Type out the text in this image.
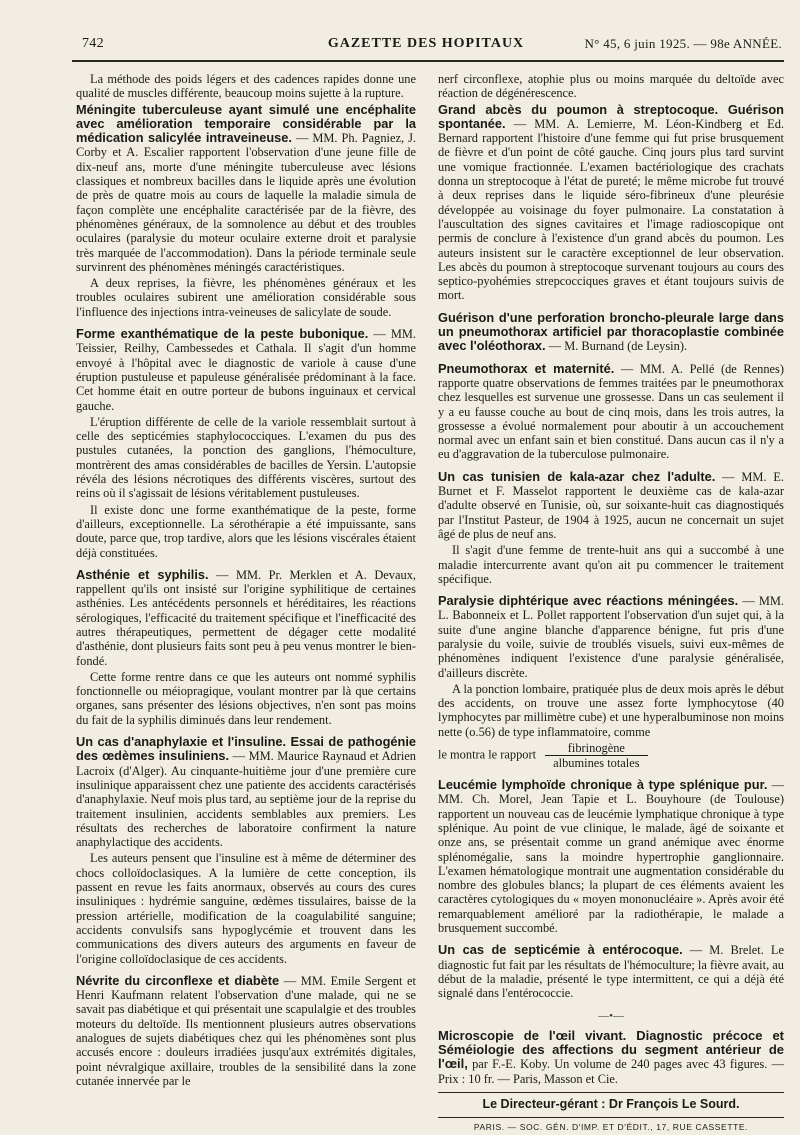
742	GAZETTE DES HOPITAUX	N° 45, 6 juin 1925. — 98e ANNÉE.

La méthode des poids légers et des cadences rapides donne une qualité de muscles différente, beaucoup moins sujette à la rupture.

Méningite tuberculeuse ayant simulé une encéphalite avec amélioration temporaire considérable par la médication salicylée intraveineuse. — MM. Ph. Pagniez, J. Corby et A. Escalier rapportent l'observation d'une jeune fille de dix-neuf ans, morte d'une méningite tuberculeuse avec lésions classiques et nombreux bacilles dans le liquide après une évolution de près de quatre mois au cours de laquelle la maladie simula de façon complète une encéphalite caractérisée par de la fièvre, des phénomènes généraux, de la somnolence au début et des troubles oculaires (paralysie du moteur oculaire externe droit et paralysie très marquée de l'accommodation). Dans la période terminale seule survinrent des phénomènes méningés caractéristiques.

A deux reprises, la fièvre, les phénomènes généraux et les troubles oculaires subirent une amélioration considérable sous l'influence des injections intra-veineuses de salicylate de soude.

Forme exanthématique de la peste bubonique. — MM. Teissier, Reilhy, Cambessedes et Cathala. Il s'agit d'un homme envoyé à l'hôpital avec le diagnostic de variole à cause d'une éruption pustuleuse et papuleuse généralisée prédominant à la face. Cet homme était en outre porteur de bubons inguinaux et cervical gauche.

L'éruption différente de celle de la variole ressemblait surtout à celle des septicémies staphylococciques. L'examen du pus des pustules cutanées, la ponction des ganglions, l'hémoculture, montrèrent des amas considérables de bacilles de Yersin. L'autopsie révéla des lésions nécrotiques des différents viscères, surtout des reins où il s'agissait de lésions véritablement pustuleuses.

Il existe donc une forme exanthématique de la peste, forme d'ailleurs, exceptionnelle. La sérothérapie a été impuissante, sans doute, parce que, trop tardive, alors que les lésions viscérales étaient déjà constituées.

Asthénie et syphilis. — MM. Pr. Merklen et A. Devaux, rappellent qu'ils ont insisté sur l'origine syphilitique de certaines asthénies. Les antécédents personnels et héréditaires, les réactions sérologiques, l'efficacité du traitement spécifique et l'inefficacité des autres thérapeutiques, permettent de dégager cette modalité d'asthénie, dont plusieurs faits sont peu à peu venus montrer le bien-fondé.

Cette forme rentre dans ce que les auteurs ont nommé syphilis fonctionnelle ou méiopragique, voulant montrer par là que certains organes, sans présenter des lésions objectives, n'en sont pas moins du fait de la syphilis diminués dans leur rendement.

Un cas d'anaphylaxie et l'insuline. Essai de pathogénie des œdèmes insuliniens. — MM. Maurice Raynaud et Adrien Lacroix (d'Alger). Au cinquante-huitième jour d'une première cure insulinique apparaissent chez une patiente des accidents caractérisés d'anaphylaxie. Neuf mois plus tard, au septième jour de la reprise du traitement insulinien, accidents semblables aux premiers. Les résultats des recherches de laboratoire confirment la nature anaphylactique des accidents.

Les auteurs pensent que l'insuline est à même de déterminer des chocs colloïdoclasiques. A la lumière de cette conception, ils passent en revue les faits anormaux, observés au cours des cures insuliniques : hydrémie sanguine, œdèmes tissulaires, baisse de la pression artérielle, modification de la coagulabilité sanguine; accidents convulsifs sans hypoglycémie et trouvent dans les communications des divers auteurs des arguments en faveur de l'origine colloïdoclasique de ces accidents.

Névrite du circonflexe et diabète — MM. Emile Sergent et Henri Kaufmann relatent l'observation d'une malade, qui ne se savait pas diabétique et qui présentait une scapulalgie et des troubles moteurs du deltoïde. Ils mentionnent plusieurs autres observations analogues de sujets diabétiques chez qui les phénomènes sont plus accusés encore : douleurs irradiées jusqu'aux extrémités digitales, point névralgique axillaire, troubles de la sensibilité dans la zone cutanée innervée par le

nerf circonflexe, atophie plus ou moins marquée du deltoïde avec réaction de dégénérescence.

Grand abcès du poumon à streptocoque. Guérison spontanée. — MM. A. Lemierre, M. Léon-Kindberg et Ed. Bernard rapportent l'histoire d'une femme qui fut prise brusquement de fièvre et d'un point de côté gauche. Cinq jours plus tard survint une vomique fractionnée. L'examen bactériologique des crachats donna un streptocoque à l'état de pureté; le même microbe fut trouvé à deux reprises dans le liquide séro-fibrineux d'une pleurésie développée au voisinage du foyer pulmonaire. La constatation à l'auscultation des signes cavitaires et l'image radioscopique ont permis de conclure à l'existence d'un grand abcès du poumon. Les auteurs insistent sur le caractère exceptionnel de leur observation. Les abcès du poumon à streptocoque survenant toujours au cours des septico-pyohémies strepcocciques graves et étant toujours suivis de mort.

Guérison d'une perforation broncho-pleurale large dans un pneumothorax artificiel par thoracoplastie combinée avec l'oléothorax. — M. Burnand (de Leysin).

Pneumothorax et maternité. — MM. A. Pellé (de Rennes) rapporte quatre observations de femmes traitées par le pneumothorax chez lesquelles est survenue une grossesse. Dans un cas seulement il y a eu fausse couche au bout de cinq mois, dans les trois autres, la grossesse a évolué normalement pour aboutir à un accouchement normal avec un enfant sain et bien constitué. Dans aucun cas il n'y a eu d'aggravation de la tuberculose pulmonaire.

Un cas tunisien de kala-azar chez l'adulte. — MM. E. Burnet et F. Masselot rapportent le deuxième cas de kala-azar d'adulte observé en Tunisie, où, sur soixante-huit cas diagnostiqués par l'Institut Pasteur, de 1904 à 1925, aucun ne concernait un sujet âgé de plus de neuf ans.

Il s'agit d'une femme de trente-huit ans qui a succombé à une maladie intercurrente avant qu'on ait pu commencer le traitement spécifique.

Paralysie diphtérique avec réactions méningées. — MM. L. Babonneix et L. Pollet rapportent l'observation d'un sujet qui, à la suite d'une angine blanche d'apparence bénigne, fut pris d'une paralysie du voile, suivie de troublés visuels, suivi eux-mêmes de phénomènes indiquent l'existence d'une paralysie généralisée, d'ailleurs discrète.

A la ponction lombaire, pratiquée plus de deux mois après le début des accidents, on trouve une assez forte lymphocytose (40 lymphocytes par millimètre cube) et une hyperalbuminose non moins nette (o.56) de type inflammatoire, comme

le montra le rapport $\frac{\text{fibrinogène}}{\text{albumines totales}}$

Leucémie lymphoïde chronique à type splénique pur. — MM. Ch. Morel, Jean Tapie et L. Bouyhoure (de Toulouse) rapportent un nouveau cas de leucémie lymphatique chronique à type splénique. Au point de vue clinique, le malade, âgé de soixante et onze ans, se présentait comme un grand anémique avec énorme splénomégalie, sans la moindre hypertrophie ganglionnaire. L'examen hématologique montrait une augmentation considérable du nombre des globules blancs; la plupart de ces éléments avaient les caractères cytologiques du « moyen mononucléaire ». Après avoir été remarquablement amélioré par la radiothérapie, le malade a brusquement succombé.

Un cas de septicémie à entérocoque. — M. Brelet. Le diagnostic fut fait par les résultats de l'hémoculture; la fièvre avait, au début de la maladie, présenté le type intermittent, ce qui a déjà été signalé dans l'entérococcie.

—•—

Microscopie de l'œil vivant. Diagnostic précoce et Séméiologie des affections du segment antérieur de l'œil, par F.-E. Koby. Un volume de 240 pages avec 43 figures. — Prix : 10 fr. — Paris, Masson et Cie.

Le Directeur-gérant : Dr François Le Sourd.
PARIS. — SOC. GÉN. D'IMP. ET D'ÉDIT., 17, RUE CASSETTE.
